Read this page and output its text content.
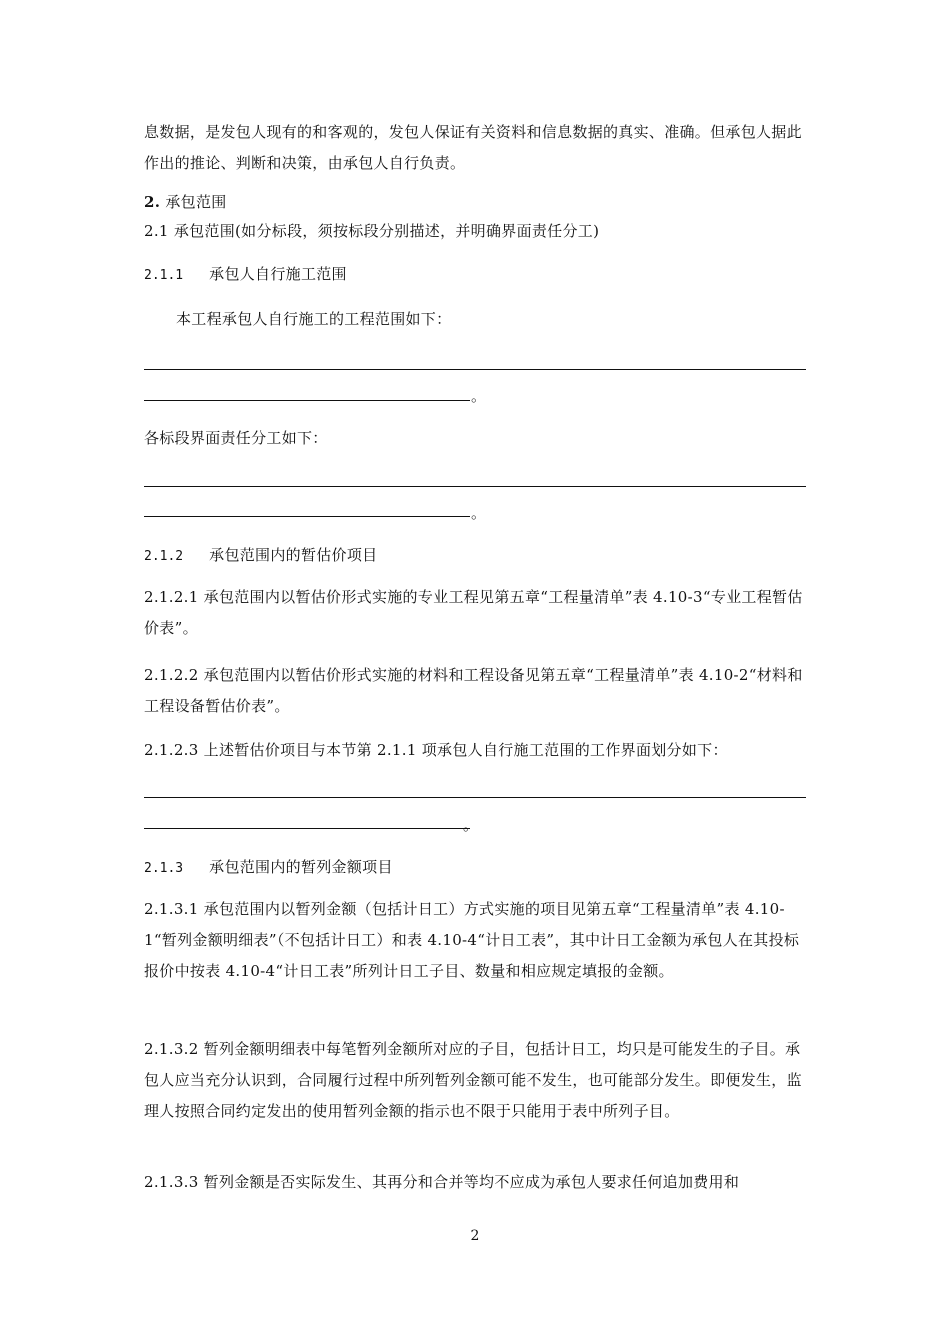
息数据，是发包人现有的和客观的，发包人保证有关资料和信息数据的真实、准确。但承包人据此作出的推论、判断和决策，由承包人自行负责。
2. 承包范围
2.1 承包范围(如分标段，须按标段分别描述，并明确界面责任分工)
2.1.1 承包人自行施工范围
本工程承包人自行施工的工程范围如下：
。
各标段界面责任分工如下：
。
2.1.2 承包范围内的暂估价项目
2.1.2.1 承包范围内以暂估价形式实施的专业工程见第五章“工程量清单”表 4.10-3“专业工程暂估价表”。
2.1.2.2 承包范围内以暂估价形式实施的材料和工程设备见第五章“工程量清单”表 4.10-2“材料和工程设备暂估价表”。
2.1.2.3 上述暂估价项目与本节第 2.1.1 项承包人自行施工范围的工作界面划分如下：
。
2.1.3 承包范围内的暂列金额项目
2.1.3.1 承包范围内以暂列金额（包括计日工）方式实施的项目见第五章“工程量清单”表 4.10-1“暂列金额明细表”（不包括计日工）和表 4.10-4“计日工表”，其中计日工金额为承包人在其投标报价中按表 4.10-4“计日工表”所列计日工子目、数量和相应规定填报的金额。
2.1.3.2 暂列金额明细表中每笔暂列金额所对应的子目，包括计日工，均只是可能发生的子目。承包人应当充分认识到，合同履行过程中所列暂列金额可能不发生，也可能部分发生。即便发生，监理人按照合同约定发出的使用暂列金额的指示也不限于只能用于表中所列子目。
2.1.3.3 暂列金额是否实际发生、其再分和合并等均不应成为承包人要求任何追加费用和
2
